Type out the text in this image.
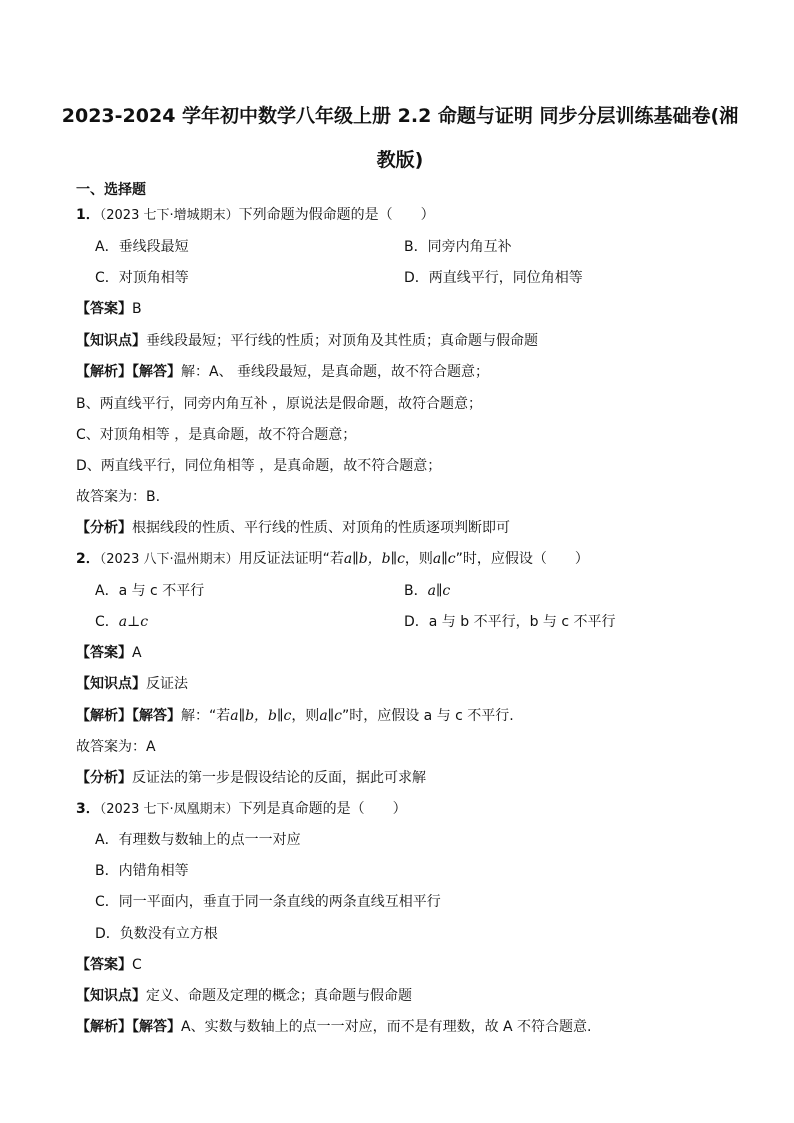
2023-2024 学年初中数学八年级上册 2.2 命题与证明 同步分层训练基础卷(湘

教版)

一、选择题

1．（2023 七下·增城期末）下列命题为假命题的是（　　）

A．垂线段最短	B．同旁内角互补
C．对顶角相等	D．两直线平行，同位角相等

【答案】B

【知识点】垂线段最短；平行线的性质；对顶角及其性质；真命题与假命题

【解析】【解答】解：A、 垂线段最短，是真命题，故不符合题意；

B、两直线平行，同旁内角互补 ，原说法是假命题，故符合题意；

C、对顶角相等 ，是真命题，故不符合题意；

D、两直线平行，同位角相等 ，是真命题，故不符合题意；

故答案为：B.

【分析】根据线段的性质、平行线的性质、对顶角的性质逐项判断即可

2．（2023 八下·温州期末）用反证法证明“若a∥b，b∥c，则a∥c”时，应假设（　　）

A．a 与 c 不平行	B．a∥c
C．a⊥c	D．a 与 b 不平行，b 与 c 不平行

【答案】A

【知识点】反证法

【解析】【解答】解：“若a∥b，b∥c，则a∥c”时，应假设 a 与 c 不平行.

故答案为：A

【分析】反证法的第一步是假设结论的反面，据此可求解

3．（2023 七下·凤凰期末）下列是真命题的是（　　）

A．有理数与数轴上的点一一对应
B．内错角相等
C．同一平面内，垂直于同一条直线的两条直线互相平行
D．负数没有立方根

【答案】C

【知识点】定义、命题及定理的概念；真命题与假命题

【解析】【解答】A、实数与数轴上的点一一对应，而不是有理数，故 A 不符合题意.
